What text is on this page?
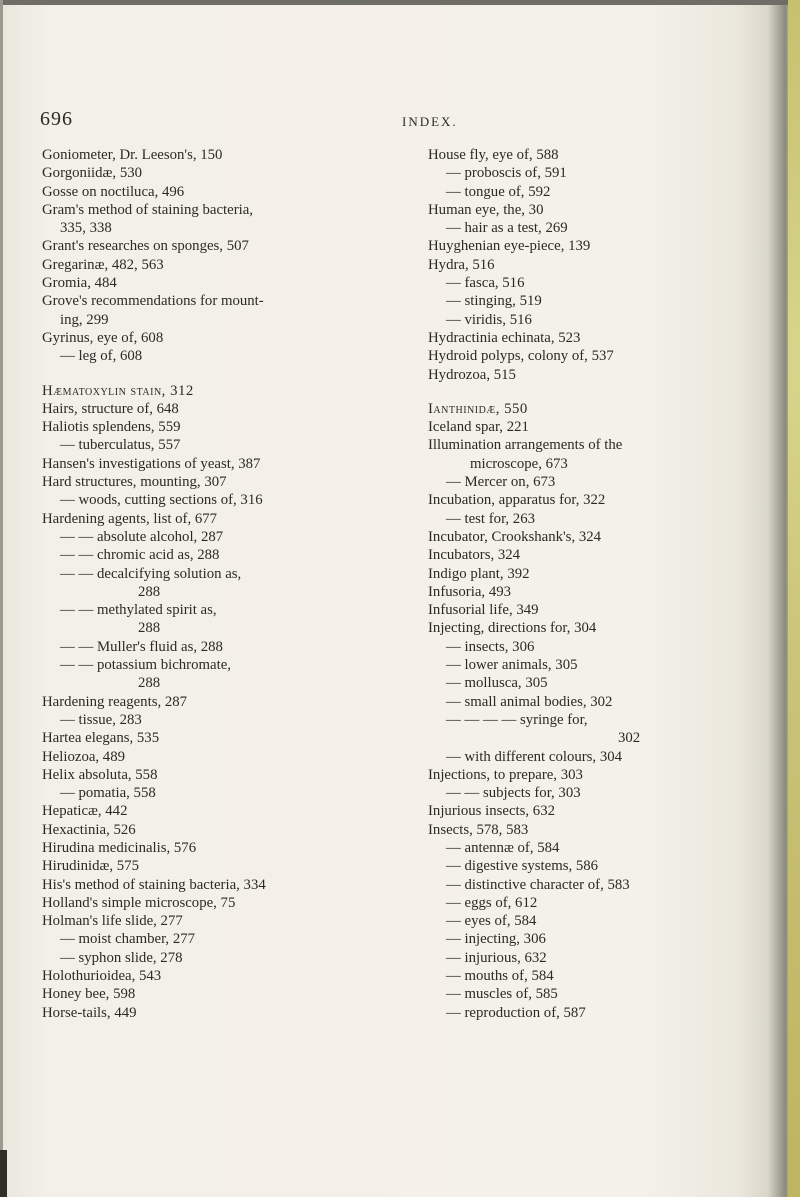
696	INDEX.
Goniometer, Dr. Leeson's, 150
Gorgoniidæ, 530
Gosse on noctiluca, 496
Gram's method of staining bacteria,
335, 338
Grant's researches on sponges, 507
Gregarinæ, 482, 563
Gromia, 484
Grove's recommendations for mount-
ing, 299
Gyrinus, eye of, 608
— leg of, 608
Hæmatoxylin stain, 312
Hairs, structure of, 648
Haliotis splendens, 559
— tuberculatus, 557
Hansen's investigations of yeast, 387
Hard structures, mounting, 307
— woods, cutting sections of, 316
Hardening agents, list of, 677
— — absolute alcohol, 287
— — chromic acid as, 288
— — decalcifying solution as,
288
— — methylated spirit as,
288
— — Muller's fluid as, 288
— — potassium bichromate,
288
Hardening reagents, 287
— tissue, 283
Hartea elegans, 535
Heliozoa, 489
Helix absoluta, 558
— pomatia, 558
Hepaticæ, 442
Hexactinia, 526
Hirudina medicinalis, 576
Hirudinidæ, 575
His's method of staining bacteria, 334
Holland's simple microscope, 75
Holman's life slide, 277
— moist chamber, 277
— syphon slide, 278
Holothurioidea, 543
Honey bee, 598
Horse-tails, 449
House fly, eye of, 588
— proboscis of, 591
— tongue of, 592
Human eye, the, 30
— hair as a test, 269
Huyghenian eye-piece, 139
Hydra, 516
— fasca, 516
— stinging, 519
— viridis, 516
Hydractinia echinata, 523
Hydroid polyps, colony of, 537
Hydrozoa, 515
Ianthinidæ, 550
Iceland spar, 221
Illumination arrangements of the
microscope, 673
— Mercer on, 673
Incubation, apparatus for, 322
— test for, 263
Incubator, Crookshank's, 324
Incubators, 324
Indigo plant, 392
Infusoria, 493
Infusorial life, 349
Injecting, directions for, 304
— insects, 306
— lower animals, 305
— mollusca, 305
— small animal bodies, 302
— — — — syringe for,
302
— with different colours, 304
Injections, to prepare, 303
— — subjects for, 303
Injurious insects, 632
Insects, 578, 583
— antennæ of, 584
— digestive systems, 586
— distinctive character of, 583
— eggs of, 612
— eyes of, 584
— injecting, 306
— injurious, 632
— mouths of, 584
— muscles of, 585
— reproduction of, 587
